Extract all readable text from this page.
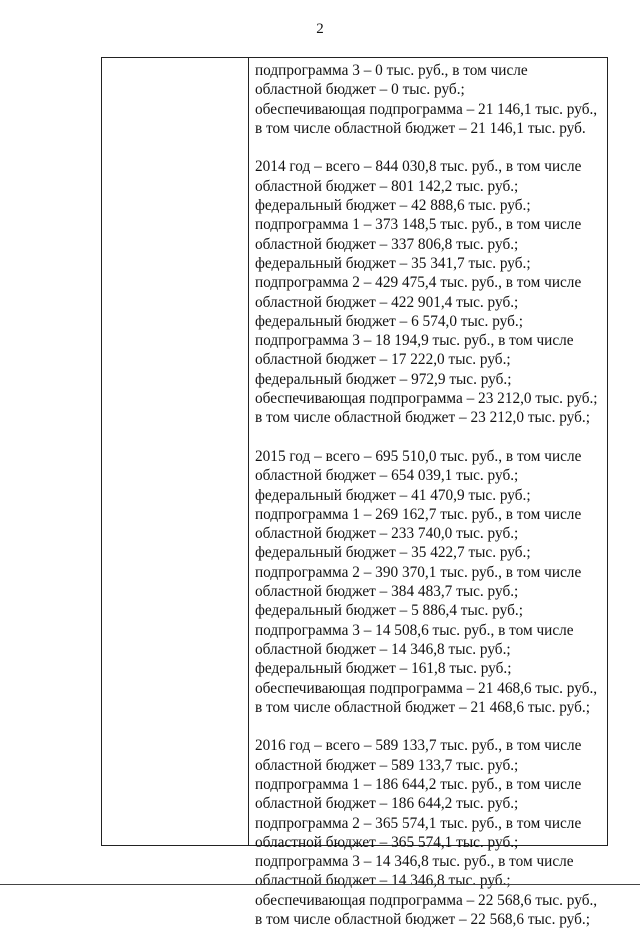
2
подпрограмма 3 – 0 тыс. руб., в том числе
областной бюджет – 0 тыс. руб.;
обеспечивающая подпрограмма – 21 146,1 тыс. руб.,
в том числе областной бюджет – 21 146,1 тыс. руб.
2014 год – всего – 844 030,8 тыс. руб., в том числе
областной бюджет – 801 142,2 тыс. руб.;
федеральный бюджет – 42 888,6 тыс. руб.;
подпрограмма 1 – 373 148,5 тыс. руб., в том числе
областной бюджет – 337 806,8 тыс. руб.;
федеральный бюджет – 35 341,7 тыс. руб.;
подпрограмма 2 – 429 475,4 тыс. руб., в том числе
областной бюджет – 422 901,4 тыс. руб.;
федеральный бюджет – 6 574,0 тыс. руб.;
подпрограмма 3 – 18 194,9 тыс. руб., в том числе
областной бюджет – 17 222,0 тыс. руб.;
федеральный бюджет – 972,9 тыс. руб.;
обеспечивающая подпрограмма – 23 212,0 тыс. руб.;
в том числе областной бюджет – 23 212,0 тыс. руб.;
2015 год – всего – 695 510,0 тыс. руб., в том числе
областной бюджет – 654 039,1 тыс. руб.;
федеральный бюджет – 41 470,9 тыс. руб.;
подпрограмма 1 – 269 162,7 тыс. руб., в том числе
областной бюджет – 233 740,0 тыс. руб.;
федеральный бюджет – 35 422,7 тыс. руб.;
подпрограмма 2 – 390 370,1 тыс. руб., в том числе
областной бюджет – 384 483,7 тыс. руб.;
федеральный бюджет – 5 886,4 тыс. руб.;
подпрограмма 3 – 14 508,6 тыс. руб., в том числе
областной бюджет – 14 346,8 тыс. руб.;
федеральный бюджет – 161,8 тыс. руб.;
обеспечивающая подпрограмма – 21 468,6 тыс. руб.,
в том числе областной бюджет – 21 468,6 тыс. руб.;
2016 год – всего – 589 133,7 тыс. руб., в том числе
областной бюджет – 589 133,7 тыс. руб.;
подпрограмма 1 – 186 644,2 тыс. руб., в том числе
областной бюджет – 186 644,2 тыс. руб.;
подпрограмма 2 – 365 574,1 тыс. руб., в том числе
областной бюджет – 365 574,1 тыс. руб.;
подпрограмма 3 – 14 346,8 тыс. руб., в том числе
областной бюджет – 14 346,8 тыс. руб.;
обеспечивающая подпрограмма – 22 568,6 тыс. руб.,
в том числе областной бюджет – 22 568,6 тыс. руб.;
